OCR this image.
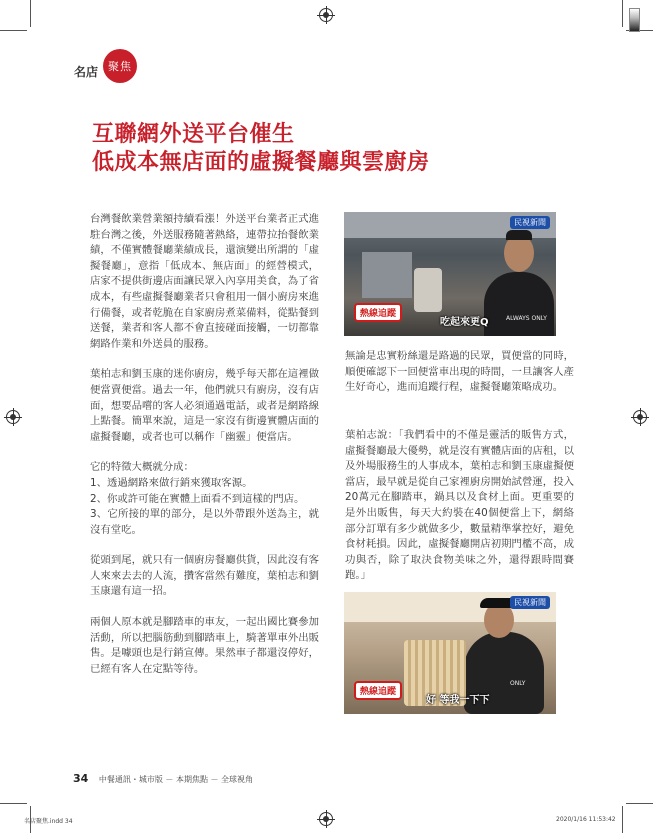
名店 聚焦
互聯網外送平台催生
低成本無店面的虛擬餐廳與雲廚房

台灣餐飲業營業額持續看漲！外送平台業者正式進駐台灣之後，外送服務隨著熱絡，連帶拉抬餐飲業績，不僅實體餐廳業績成長，還演變出所謂的「虛擬餐廳」，意指「低成本、無店面」的經營模式，店家不提供街邊店面讓民眾入內享用美食，為了省成本，有些虛擬餐廳業者只會租用一個小廚房來進行備餐，或者乾脆在自家廚房煮菜備料，從點餐到送餐，業者和客人都不會直接碰面接觸，一切都靠網路作業和外送員的服務。

葉柏志和劉玉康的迷你廚房，幾乎每天都在這裡做便當賣便當。過去一年，他們就只有廚房，沒有店面，想要品嚐的客人必須通過電話，或者是網路線上點餐。簡單來說，這是一家沒有街邊實體店面的虛擬餐廳，或者也可以稱作「幽靈」便當店。

它的特徵大概就分成：

1、透過網路來做行銷來獲取客源。

2、你或許可能在實體上面看不到這樣的門店。

3、它所接的單的部分，是以外帶跟外送為主，就沒有堂吃。

從頭到尾，就只有一個廚房餐廳供貨，因此沒有客人來來去去的人流，攢客當然有難度，葉柏志和劉玉康還有這一招。

兩個人原本就是腳踏車的車友，一起出國比賽參加活動，所以把腦筋動到腳踏車上，騎著單車外出販售。是噱頭也是行銷宣傳。果然車子都還沒停好，已經有客人在定點等待。

民視新聞
熱線追蹤
吃起來更Q	ALWAYS ONLY

無論是忠實粉絲還是路過的民眾，買便當的同時，順便確認下一回便當車出現的時間，一旦讓客人產生好奇心，進而追蹤行程，虛擬餐廳策略成功。

葉柏志說：「我們看中的不僅是靈活的販售方式，虛擬餐廳最大優勢，就是沒有實體店面的店租，以及外場服務生的人事成本，葉柏志和劉玉康虛擬便當店，最早就是從自己家裡廚房開始試營運，投入20萬元在腳踏車，鍋具以及食材上面。更重要的是外出販售，每天大約裝在40個便當上下，網絡部分訂單有多少就做多少，數量精準掌控好，避免食材耗損。因此，虛擬餐廳開店初期門檻不高，成功與否，除了取決食物美味之外，還得跟時間賽跑。」

民視新聞
熱線追蹤
好 等我一下下
ONLY
34 中餐通訊・城市版 － 本期焦點 － 全球視角
名店聚焦.indd 34	2020/1/16 11:53:42
